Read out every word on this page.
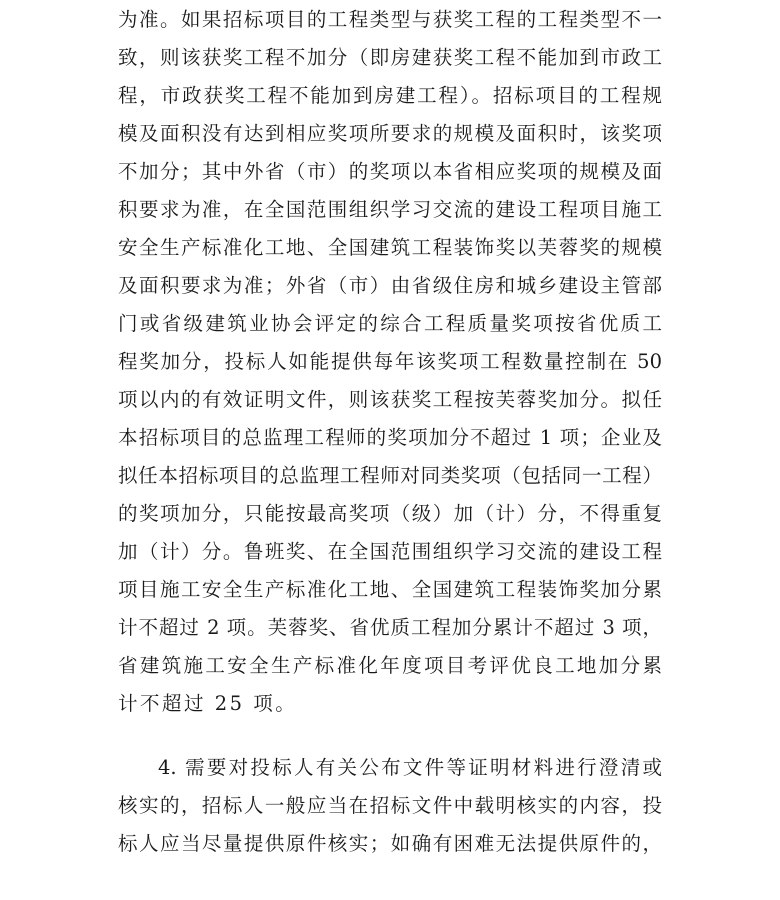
为准。如果招标项目的工程类型与获奖工程的工程类型不一
致，则该获奖工程不加分（即房建获奖工程不能加到市政工
程，市政获奖工程不能加到房建工程）。招标项目的工程规
模及面积没有达到相应奖项所要求的规模及面积时，该奖项
不加分；其中外省（市）的奖项以本省相应奖项的规模及面
积要求为准，在全国范围组织学习交流的建设工程项目施工
安全生产标准化工地、全国建筑工程装饰奖以芙蓉奖的规模
及面积要求为准；外省（市）由省级住房和城乡建设主管部
门或省级建筑业协会评定的综合工程质量奖项按省优质工
程奖加分，投标人如能提供每年该奖项工程数量控制在 50
项以内的有效证明文件，则该获奖工程按芙蓉奖加分。拟任
本招标项目的总监理工程师的奖项加分不超过 1 项；企业及
拟任本招标项目的总监理工程师对同类奖项（包括同一工程）
的奖项加分，只能按最高奖项（级）加（计）分，不得重复
加（计）分。鲁班奖、在全国范围组织学习交流的建设工程
项目施工安全生产标准化工地、全国建筑工程装饰奖加分累
计不超过 2 项。芙蓉奖、省优质工程加分累计不超过 3 项，
省建筑施工安全生产标准化年度项目考评优良工地加分累
计不超过 25 项。
4. 需要对投标人有关公布文件等证明材料进行澄清或
核实的，招标人一般应当在招标文件中载明核实的内容，投
标人应当尽量提供原件核实；如确有困难无法提供原件的，
